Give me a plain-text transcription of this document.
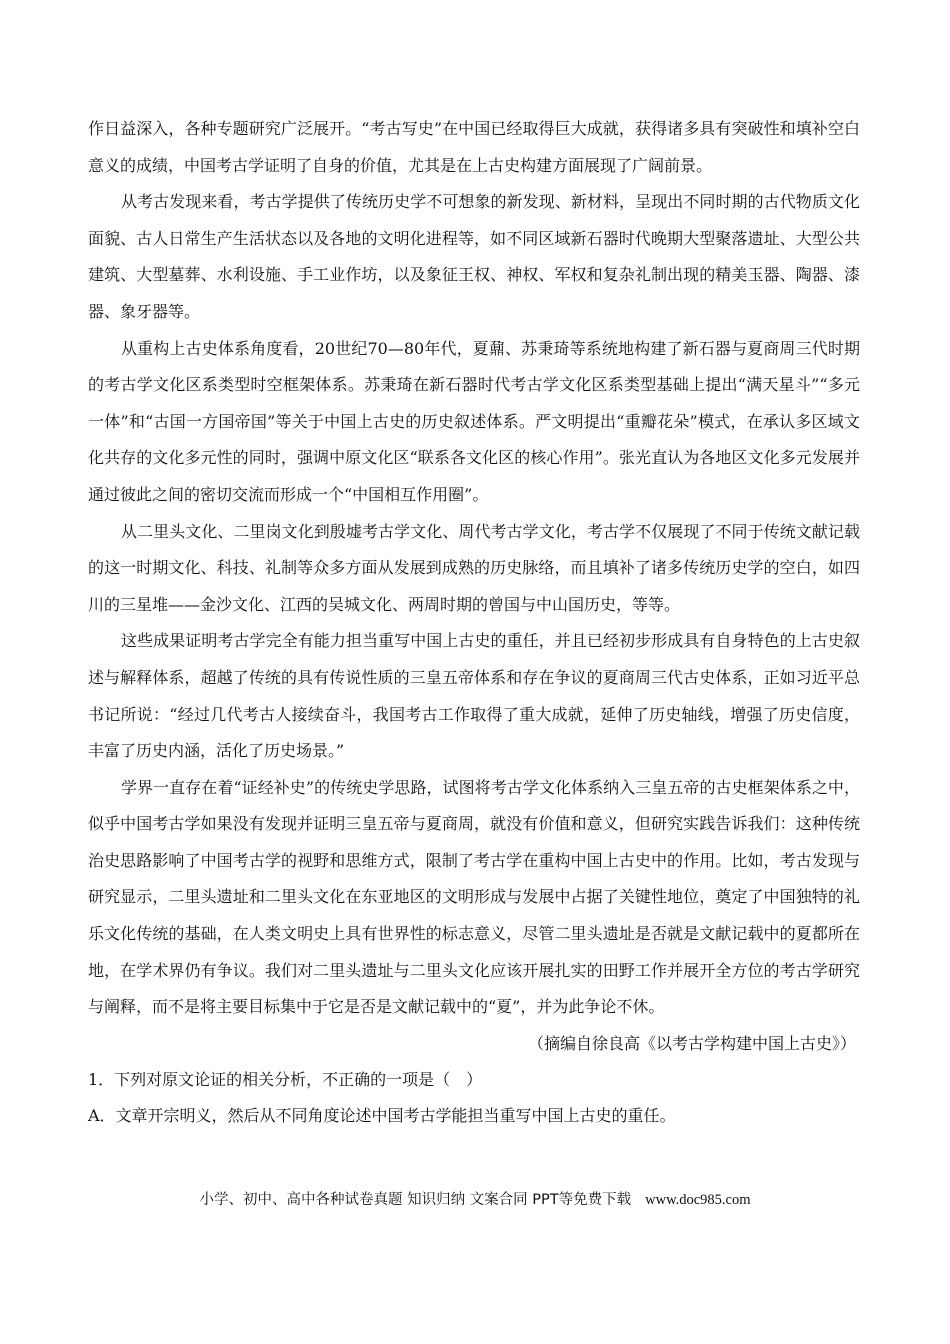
作日益深入，各种专题研究广泛展开。“考古写史”在中国已经取得巨大成就，获得诸多具有突破性和填补空白意义的成绩，中国考古学证明了自身的价值，尤其是在上古史构建方面展现了广阔前景。

从考古发现来看，考古学提供了传统历史学不可想象的新发现、新材料，呈现出不同时期的古代物质文化面貌、古人日常生产生活状态以及各地的文明化进程等，如不同区域新石器时代晚期大型聚落遗址、大型公共建筑、大型墓葬、水利设施、手工业作坊，以及象征王权、神权、军权和复杂礼制出现的精美玉器、陶器、漆器、象牙器等。

从重构上古史体系角度看，20世纪70—80年代，夏鼐、苏秉琦等系统地构建了新石器与夏商周三代时期的考古学文化区系类型时空框架体系。苏秉琦在新石器时代考古学文化区系类型基础上提出“满天星斗”“多元一体”和“古国一方国帝国”等关于中国上古史的历史叙述体系。严文明提出“重瓣花朵”模式，在承认多区域文化共存的文化多元性的同时，强调中原文化区“联系各文化区的核心作用”。张光直认为各地区文化多元发展并通过彼此之间的密切交流而形成一个“中国相互作用圈”。

从二里头文化、二里岗文化到殷墟考古学文化、周代考古学文化，考古学不仅展现了不同于传统文献记载的这一时期文化、科技、礼制等众多方面从发展到成熟的历史脉络，而且填补了诸多传统历史学的空白，如四川的三星堆——金沙文化、江西的吴城文化、两周时期的曾国与中山国历史，等等。

这些成果证明考古学完全有能力担当重写中国上古史的重任，并且已经初步形成具有自身特色的上古史叙述与解释体系，超越了传统的具有传说性质的三皇五帝体系和存在争议的夏商周三代古史体系，正如习近平总书记所说：“经过几代考古人接续奋斗，我国考古工作取得了重大成就，延伸了历史轴线，增强了历史信度，丰富了历史内涵，活化了历史场景。”

学界一直存在着“证经补史”的传统史学思路，试图将考古学文化体系纳入三皇五帝的古史框架体系之中，似乎中国考古学如果没有发现并证明三皇五帝与夏商周，就没有价值和意义，但研究实践告诉我们：这种传统治史思路影响了中国考古学的视野和思维方式，限制了考古学在重构中国上古史中的作用。比如，考古发现与研究显示，二里头遗址和二里头文化在东亚地区的文明形成与发展中占据了关键性地位，奠定了中国独特的礼乐文化传统的基础，在人类文明史上具有世界性的标志意义，尽管二里头遗址是否就是文献记载中的夏都所在地，在学术界仍有争议。我们对二里头遗址与二里头文化应该开展扎实的田野工作并展开全方位的考古学研究与阐释，而不是将主要目标集中于它是否是文献记载中的“夏”，并为此争论不休。

（摘编自徐良高《以考古学构建中国上古史》）

1．下列对原文论证的相关分析，不正确的一项是（　）

A．文章开宗明义，然后从不同角度论述中国考古学能担当重写中国上古史的重任。

小学、初中、高中各种试卷真题 知识归纳 文案合同 PPT等免费下载 www.doc985.com
